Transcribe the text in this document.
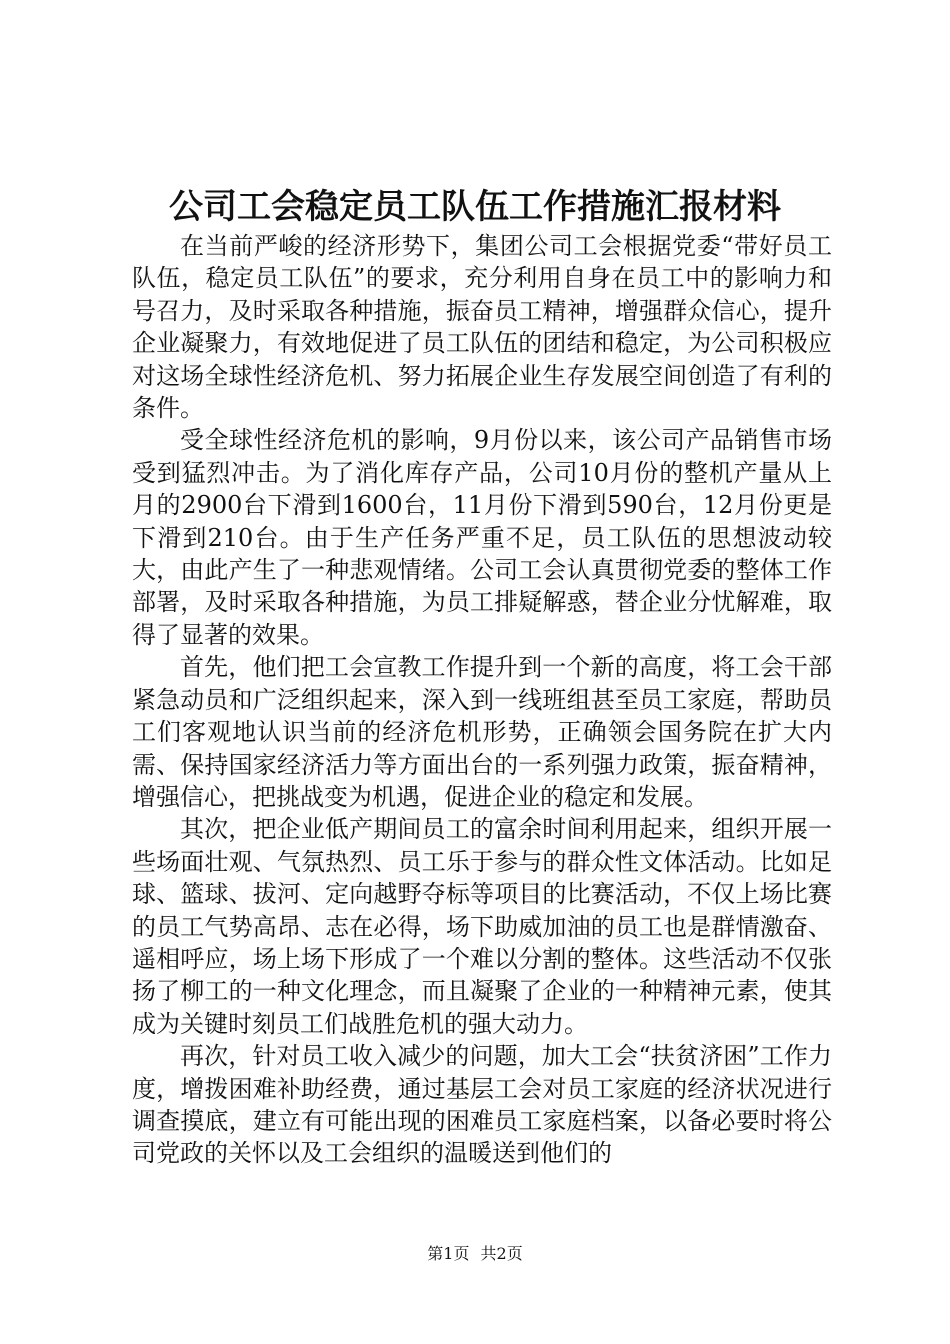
公司工会稳定员工队伍工作措施汇报材料

在当前严峻的经济形势下，集团公司工会根据党委“带好员工队伍，稳定员工队伍”的要求，充分利用自身在员工中的影响力和号召力，及时采取各种措施，振奋员工精神，增强群众信心，提升企业凝聚力，有效地促进了员工队伍的团结和稳定，为公司积极应对这场全球性经济危机、努力拓展企业生存发展空间创造了有利的条件。

受全球性经济危机的影响，9月份以来，该公司产品销售市场受到猛烈冲击。为了消化库存产品，公司10月份的整机产量从上月的2900台下滑到1600台，11月份下滑到590台，12月份更是下滑到210台。由于生产任务严重不足，员工队伍的思想波动较大，由此产生了一种悲观情绪。公司工会认真贯彻党委的整体工作部署，及时采取各种措施，为员工排疑解惑，替企业分忧解难，取得了显著的效果。

首先，他们把工会宣教工作提升到一个新的高度，将工会干部紧急动员和广泛组织起来，深入到一线班组甚至员工家庭，帮助员工们客观地认识当前的经济危机形势，正确领会国务院在扩大内需、保持国家经济活力等方面出台的一系列强力政策，振奋精神，增强信心，把挑战变为机遇，促进企业的稳定和发展。

其次，把企业低产期间员工的富余时间利用起来，组织开展一些场面壮观、气氛热烈、员工乐于参与的群众性文体活动。比如足球、篮球、拔河、定向越野夺标等项目的比赛活动，不仅上场比赛的员工气势高昂、志在必得，场下助威加油的员工也是群情激奋、遥相呼应，场上场下形成了一个难以分割的整体。这些活动不仅张扬了柳工的一种文化理念，而且凝聚了企业的一种精神元素，使其成为关键时刻员工们战胜危机的强大动力。

再次，针对员工收入减少的问题，加大工会“扶贫济困”工作力度，增拨困难补助经费，通过基层工会对员工家庭的经济状况进行调查摸底，建立有可能出现的困难员工家庭档案，以备必要时将公司党政的关怀以及工会组织的温暖送到他们的

第1页 共2页
